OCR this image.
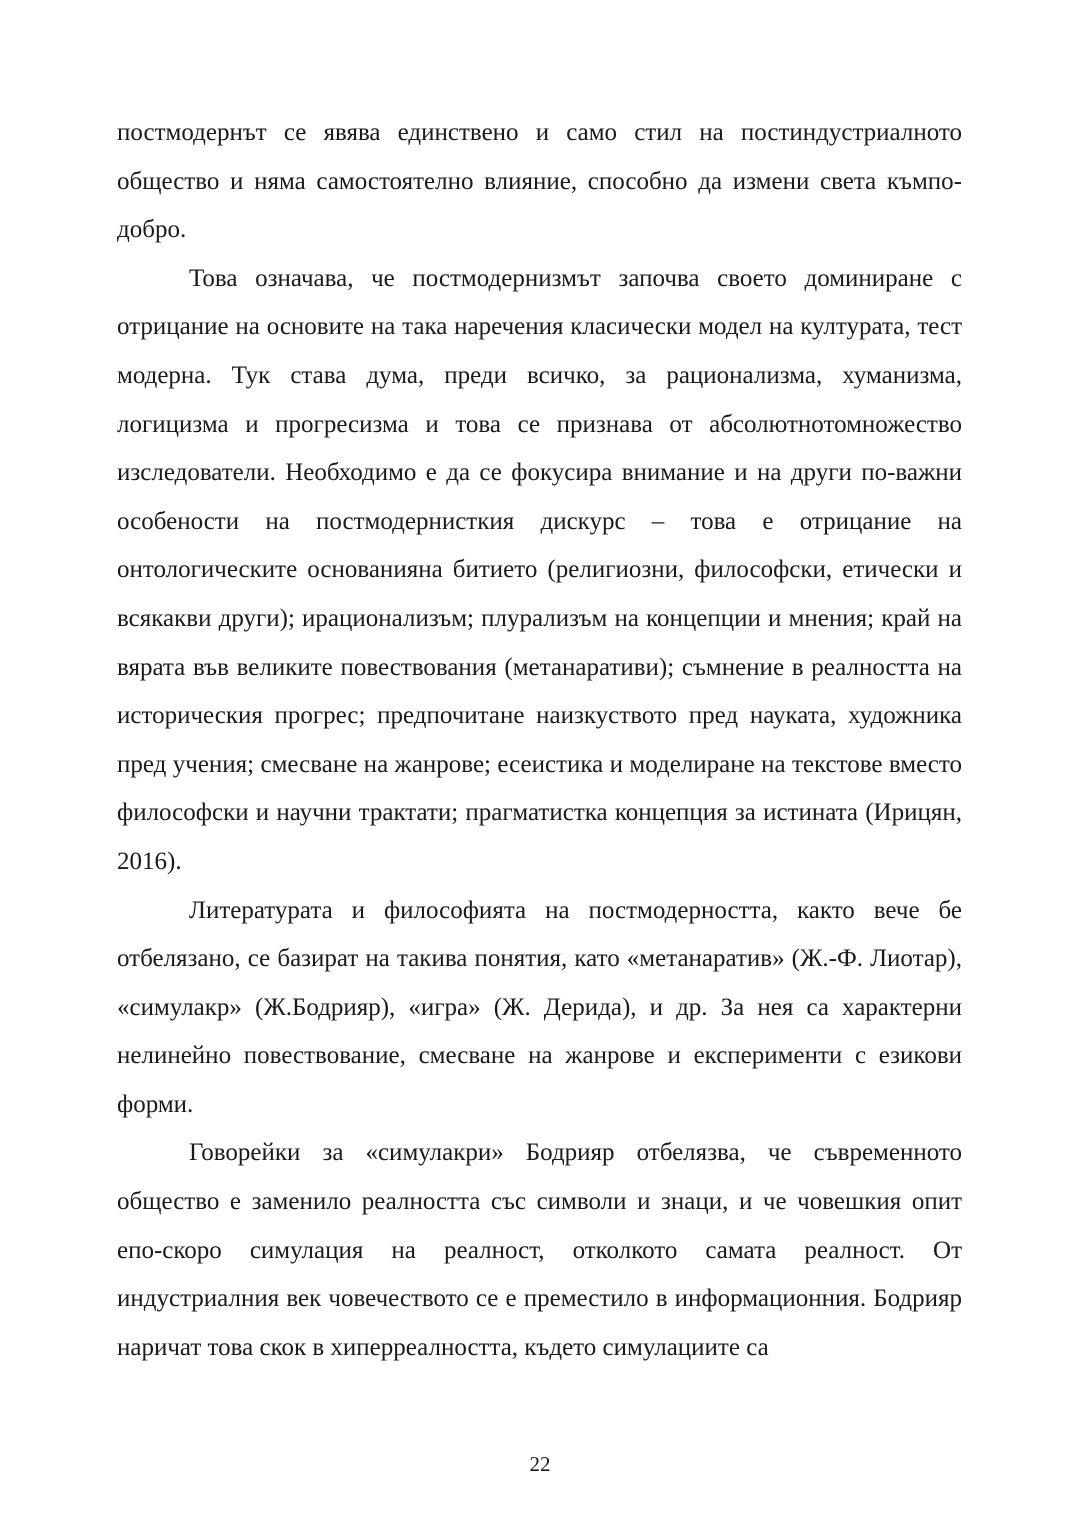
постмодернът се явява единствено и само стил на постиндустриалното общество и няма самостоятелно влияние, способно да измени света къмпо-добро.

Това означава, че постмодернизмът започва своето доминиране с отрицание на основите на така наречения класически модел на културата, тест модерна. Тук става дума, преди всичко, за рационализма, хуманизма, логицизма и прогресизма и това се признава от абсолютнотомножество изследователи. Необходимо е да се фокусира внимание и на други по-важни особености на постмодернисткия дискурс – това е отрицание на онтологическите основанияна битието (религиозни, философски, етически и всякакви други); ирационализъм; плурализъм на концепции и мнения; край на вярата във великите повествования (метанаративи); съмнение в реалността на историческия прогрес; предпочитане наизкуството пред науката, художника пред учения; смесване на жанрове; есеистика и моделиране на текстове вместо философски и научни трактати; прагматистка концепция за истината (Ирицян, 2016).

Литературата и философията на постмодерността, както вече бе отбелязано, се базират на такива понятия, като «метанаратив» (Ж.-Ф. Лиотар), «симулакр» (Ж.Бодрияр), «игра» (Ж. Дерида), и др. За нея са характерни нелинейно повествование, смесване на жанрове и експерименти с езикови форми.

Говорейки за «симулакри» Бодрияр отбелязва, че съвременното общество е заменило реалността със символи и знаци, и че човешкия опит епо-скоро симулация на реалност, отколкото самата реалност. От индустриалния век човечеството се е преместило в информационния. Бодрияр наричат това скок в хиперреалността, където симулациите са

22
